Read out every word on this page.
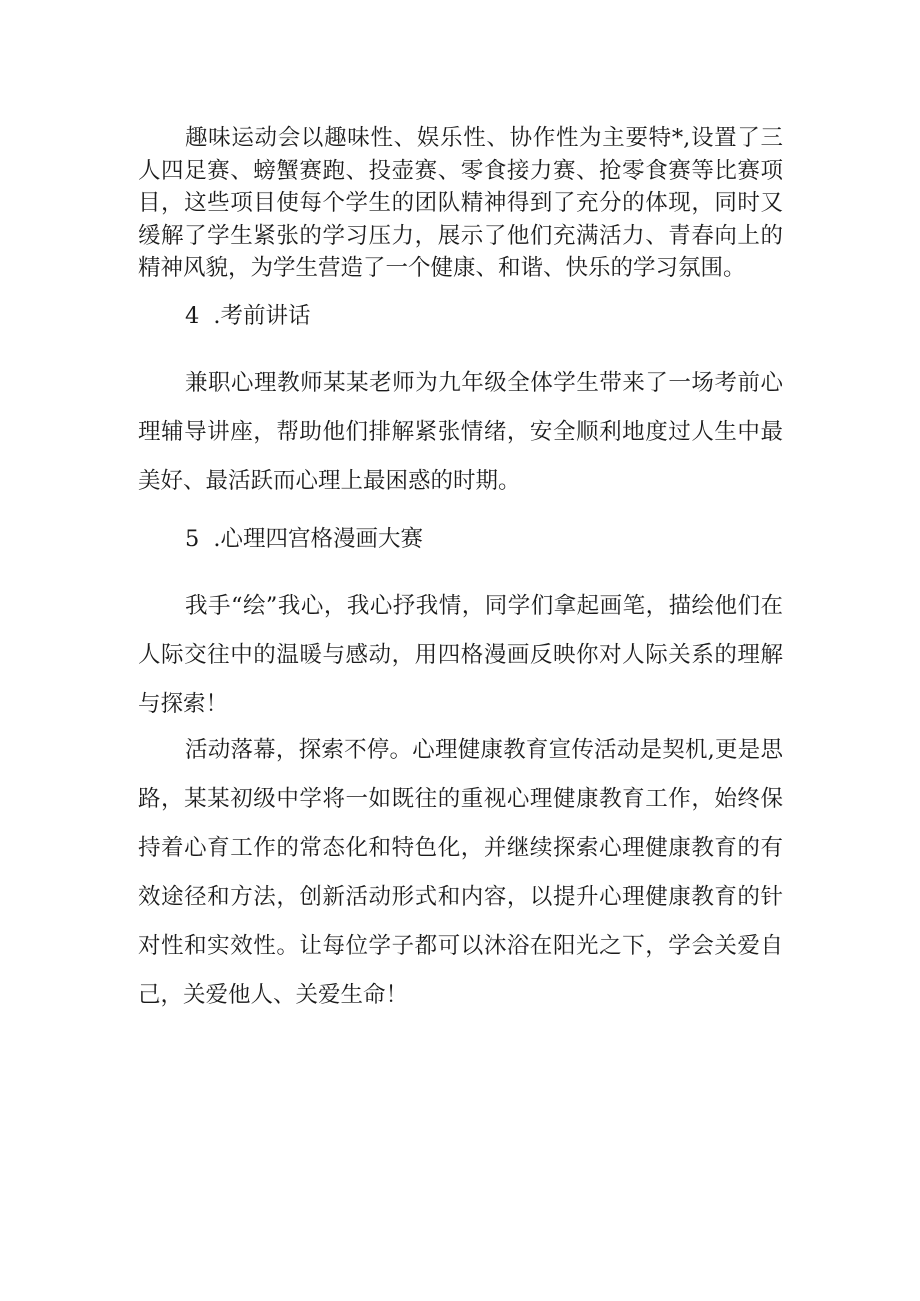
趣味运动会以趣味性、娱乐性、协作性为主要特*,设置了三人四足赛、螃蟹赛跑、投壶赛、零食接力赛、抢零食赛等比赛项目，这些项目使每个学生的团队精神得到了充分的体现，同时又缓解了学生紧张的学习压力，展示了他们充满活力、青春向上的精神风貌，为学生营造了一个健康、和谐、快乐的学习氛围。

4 .考前讲话

兼职心理教师某某老师为九年级全体学生带来了一场考前心理辅导讲座，帮助他们排解紧张情绪，安全顺利地度过人生中最美好、最活跃而心理上最困惑的时期。

5 .心理四宫格漫画大赛

我手“绘”我心，我心抒我情，同学们拿起画笔，描绘他们在人际交往中的温暖与感动，用四格漫画反映你对人际关系的理解与探索！

活动落幕，探索不停。心理健康教育宣传活动是契机,更是思路，某某初级中学将一如既往的重视心理健康教育工作，始终保持着心育工作的常态化和特色化，并继续探索心理健康教育的有效途径和方法，创新活动形式和内容，以提升心理健康教育的针对性和实效性。让每位学子都可以沐浴在阳光之下，学会关爱自己，关爱他人、关爱生命！
